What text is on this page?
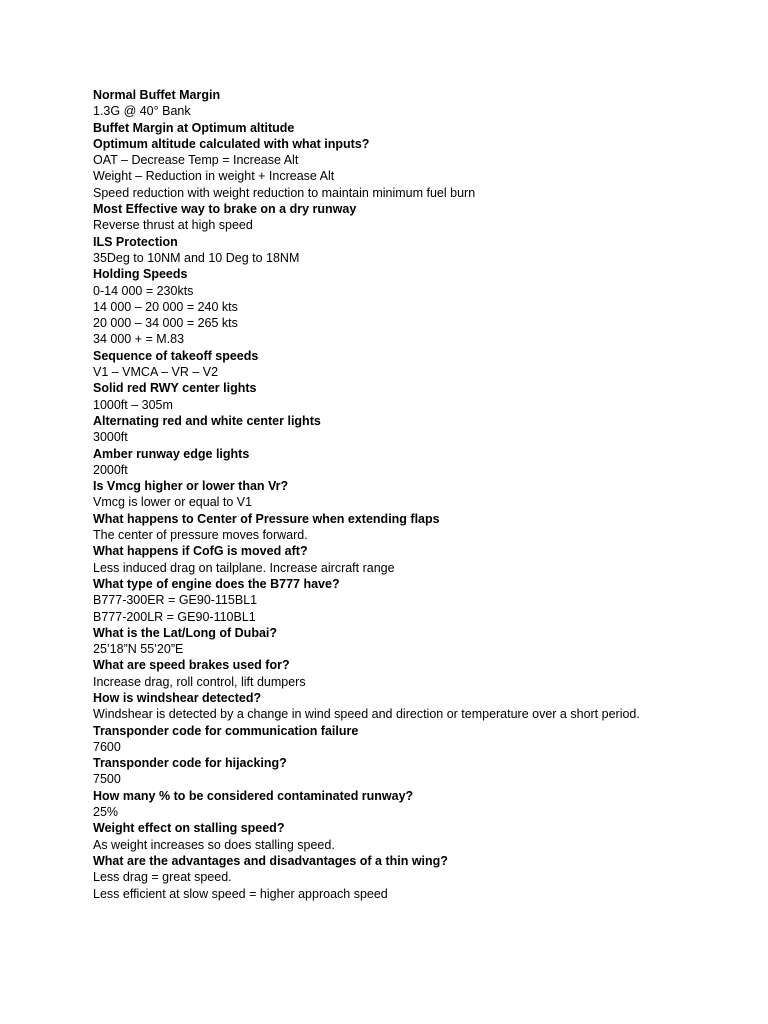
Normal Buffet Margin
1.3G @ 40° Bank
Buffet Margin at Optimum altitude
Optimum altitude calculated with what inputs?
OAT – Decrease Temp = Increase Alt
Weight – Reduction in weight + Increase Alt
Speed reduction with weight reduction to maintain minimum fuel burn
Most Effective way to brake on a dry runway
Reverse thrust at high speed
ILS Protection
35Deg to 10NM and 10 Deg to 18NM
Holding Speeds
0-14 000 = 230kts
14 000 – 20 000 = 240 kts
20 000 – 34 000 = 265 kts
34 000 + = M.83
Sequence of takeoff speeds
V1 – VMCA – VR – V2
Solid red RWY center lights
1000ft – 305m
Alternating red and white center lights
3000ft
Amber runway edge lights
2000ft
Is Vmcg higher or lower than Vr?
Vmcg is lower or equal to V1
What happens to Center of Pressure when extending flaps
The center of pressure moves forward.
What happens if CofG is moved aft?
Less induced drag on tailplane. Increase aircraft range
What type of engine does the B777 have?
B777-300ER = GE90-115BL1
B777-200LR = GE90-110BL1
What is the Lat/Long of Dubai?
25’18”N 55’20”E
What are speed brakes used for?
Increase drag, roll control, lift dumpers
How is windshear detected?
Windshear is detected by a change in wind speed and direction or temperature over a short period.
Transponder code for communication failure
7600
Transponder code for hijacking?
7500
How many % to be considered contaminated runway?
25%
Weight effect on stalling speed?
As weight increases so does stalling speed.
What are the advantages and disadvantages of a thin wing?
Less drag = great speed.
Less efficient at slow speed = higher approach speed
